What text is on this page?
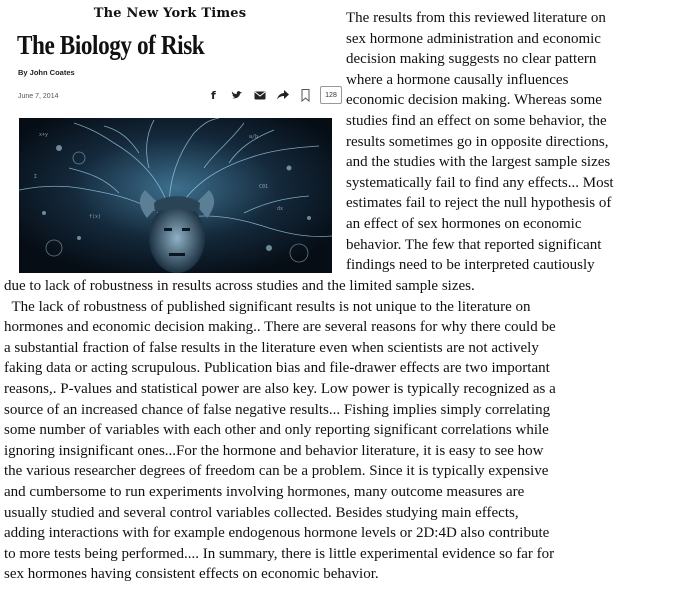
The New York Times
The Biology of Risk
By John Coates
June 7, 2014	f	128
x+y
C01
dx
f(x)
a/b
Σ
The results from this reviewed literature on
sex hormone administration and economic
decision making suggests no clear pattern
where a hormone causally influences
economic decision making. Whereas some
studies find an effect on some behavior, the
results sometimes go in opposite directions,
and the studies with the largest sample sizes
systematically fail to find any effects... Most
estimates fail to reject the null hypothesis of
an effect of sex hormones on economic
behavior. The few that reported significant
findings need to be interpreted cautiously
due to lack of robustness in results across studies and the limited sample sizes.
The lack of robustness of published significant results is not unique to the literature on
hormones and economic decision making.. There are several reasons for why there could be
a substantial fraction of false results in the literature even when scientists are not actively
faking data or acting scrupulous. Publication bias and file-drawer effects are two important
reasons,. P-values and statistical power are also key. Low power is typically recognized as a
source of an increased chance of false negative results... Fishing implies simply correlating
some number of variables with each other and only reporting significant correlations while
ignoring insignificant ones...For the hormone and behavior literature, it is easy to see how
the various researcher degrees of freedom can be a problem. Since it is typically expensive
and cumbersome to run experiments involving hormones, many outcome measures are
usually studied and several control variables collected. Besides studying main effects,
adding interactions with for example endogenous hormone levels or 2D:4D also contribute
to more tests being performed.... In summary, there is little experimental evidence so far for
sex hormones having consistent effects on economic behavior.
